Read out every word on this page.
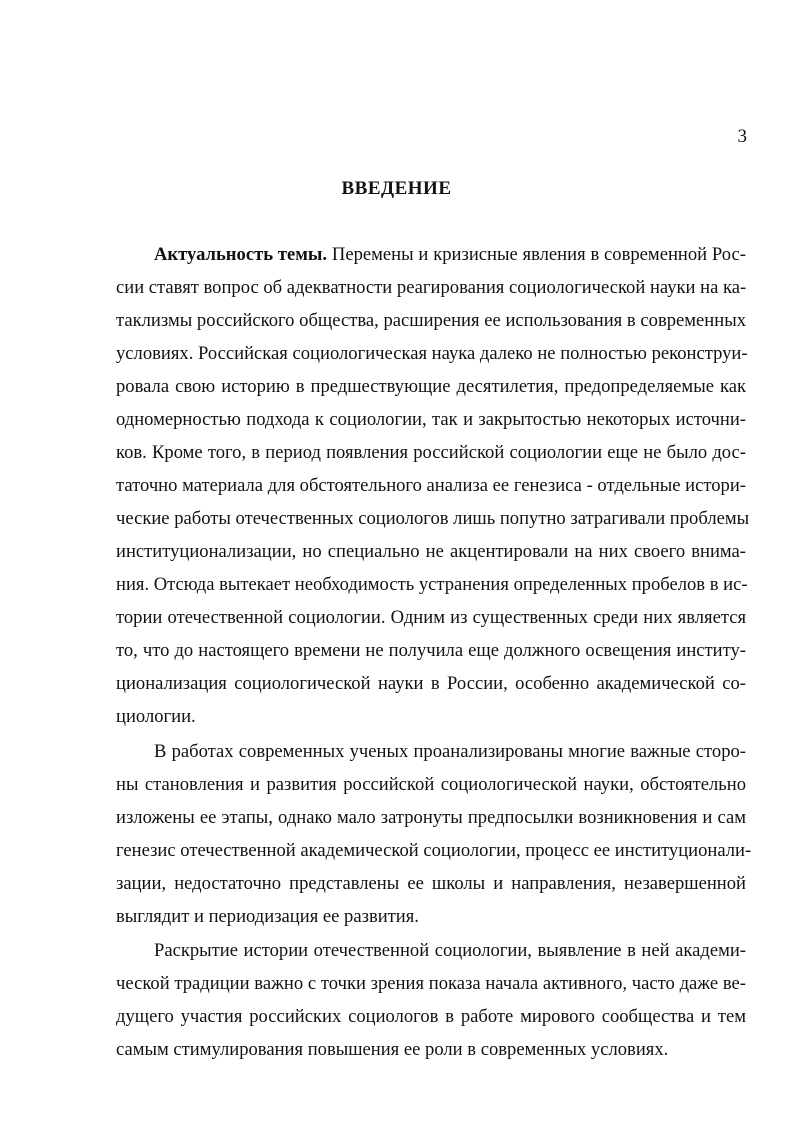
3
ВВЕДЕНИЕ
Актуальность темы. Перемены и кризисные явления в современной Рос-
сии ставят вопрос об адекватности реагирования социологической науки на ка-
таклизмы российского общества, расширения ее использования в современных
условиях. Российская социологическая наука далеко не полностью реконструи-
ровала свою историю в предшествующие десятилетия, предопределяемые как
одномерностью подхода к социологии, так и закрытостью некоторых источни-
ков. Кроме того, в период появления российской социологии еще не было дос-
таточно материала для обстоятельного анализа ее генезиса - отдельные истори-
ческие работы отечественных социологов лишь попутно затрагивали проблемы
институционализации, но специально не акцентировали на них своего внима-
ния. Отсюда вытекает необходимость устранения определенных пробелов в ис-
тории отечественной социологии. Одним из существенных среди них является
то, что до настоящего времени не получила еще должного освещения институ-
ционализация социологической науки в России, особенно академической со-
циологии.
В работах современных ученых проанализированы многие важные сторо-
ны становления и развития российской социологической науки, обстоятельно
изложены ее этапы, однако мало затронуты предпосылки возникновения и сам
генезис отечественной академической социологии, процесс ее институционали-
зации, недостаточно представлены ее школы и направления, незавершенной
выглядит и периодизация ее развития.
Раскрытие истории отечественной социологии, выявление в ней академи-
ческой традиции важно с точки зрения показа начала активного, часто даже ве-
дущего участия российских социологов в работе мирового сообщества и тем
самым стимулирования повышения ее роли в современных условиях.
